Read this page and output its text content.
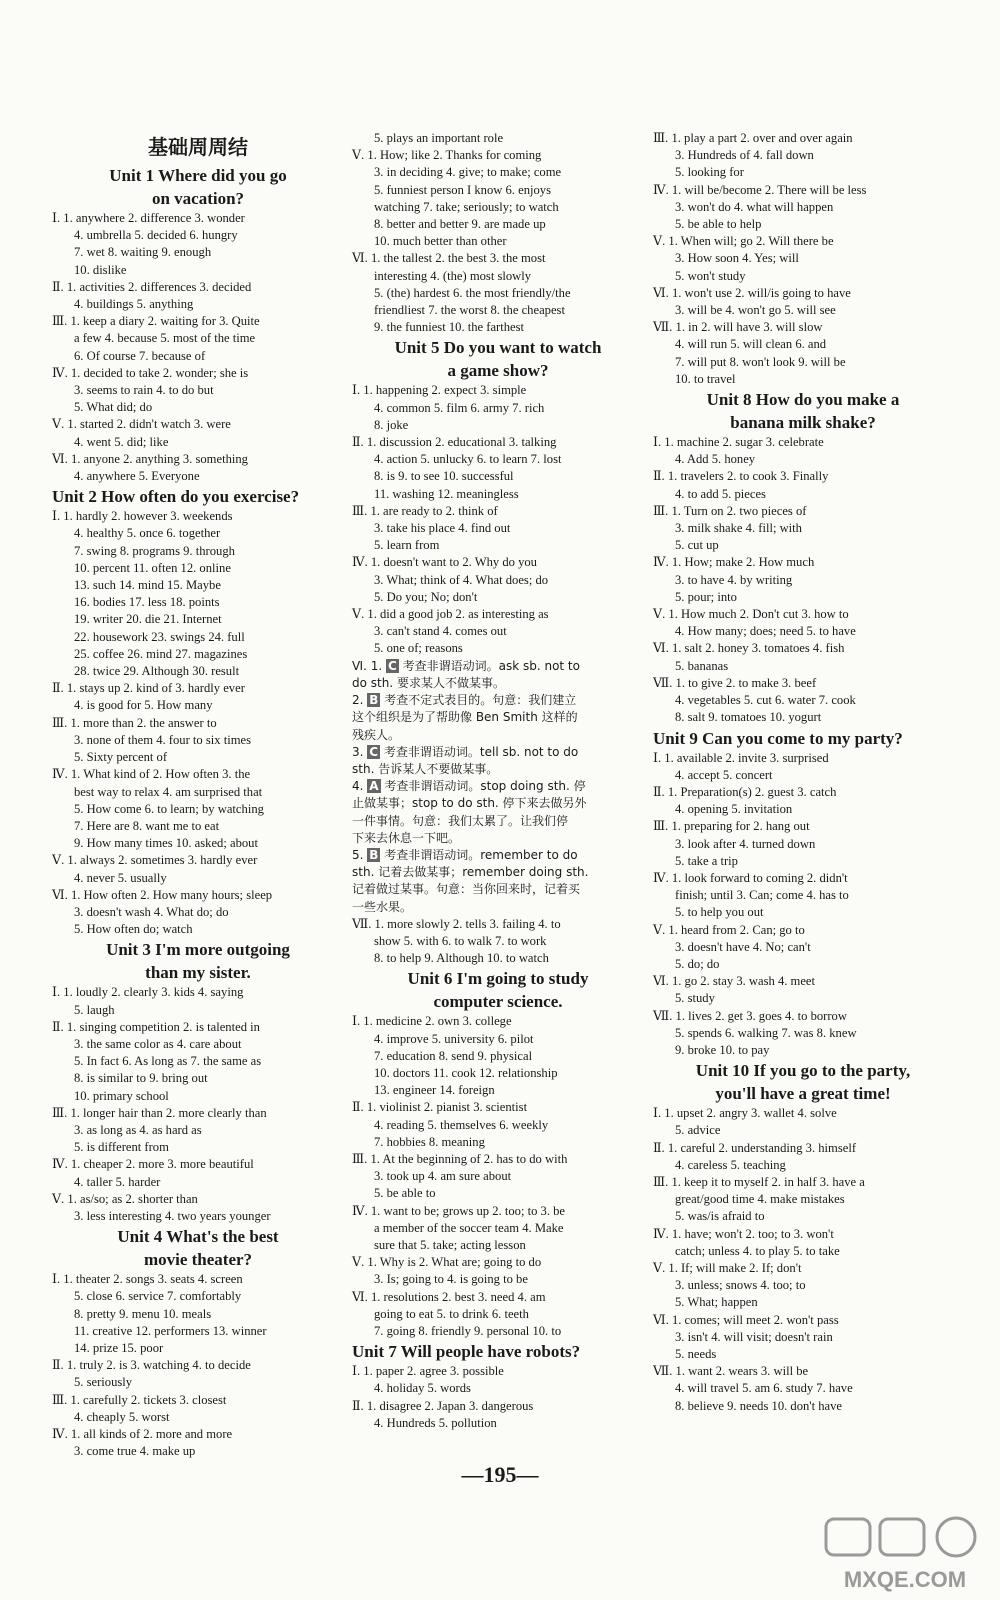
基础周周结
Unit 1 Where did you go
on vacation?
Ⅰ. 1. anywhere 2. difference 3. wonder
4. umbrella 5. decided 6. hungry
7. wet 8. waiting 9. enough
10. dislike
Ⅱ. 1. activities 2. differences 3. decided
4. buildings 5. anything
Ⅲ. 1. keep a diary 2. waiting for 3. Quite
a few 4. because 5. most of the time
6. Of course 7. because of
Ⅳ. 1. decided to take 2. wonder; she is
3. seems to rain 4. to do but
5. What did; do
Ⅴ. 1. started 2. didn't watch 3. were
4. went 5. did; like
Ⅵ. 1. anyone 2. anything 3. something
4. anywhere 5. Everyone
Unit 2 How often do you exercise?
Ⅰ. 1. hardly 2. however 3. weekends
4. healthy 5. once 6. together
7. swing 8. programs 9. through
10. percent 11. often 12. online
13. such 14. mind 15. Maybe
16. bodies 17. less 18. points
19. writer 20. die 21. Internet
22. housework 23. swings 24. full
25. coffee 26. mind 27. magazines
28. twice 29. Although 30. result
Ⅱ. 1. stays up 2. kind of 3. hardly ever
4. is good for 5. How many
Ⅲ. 1. more than 2. the answer to
3. none of them 4. four to six times
5. Sixty percent of
Ⅳ. 1. What kind of 2. How often 3. the
best way to relax 4. am surprised that
5. How come 6. to learn; by watching
7. Here are 8. want me to eat
9. How many times 10. asked; about
Ⅴ. 1. always 2. sometimes 3. hardly ever
4. never 5. usually
Ⅵ. 1. How often 2. How many hours; sleep
3. doesn't wash 4. What do; do
5. How often do; watch
Unit 3 I'm more outgoing
than my sister.
Ⅰ. 1. loudly 2. clearly 3. kids 4. saying
5. laugh
Ⅱ. 1. singing competition 2. is talented in
3. the same color as 4. care about
5. In fact 6. As long as 7. the same as
8. is similar to 9. bring out
10. primary school
Ⅲ. 1. longer hair than 2. more clearly than
3. as long as 4. as hard as
5. is different from
Ⅳ. 1. cheaper 2. more 3. more beautiful
4. taller 5. harder
Ⅴ. 1. as/so; as 2. shorter than
3. less interesting 4. two years younger
Unit 4 What's the best
movie theater?
Ⅰ. 1. theater 2. songs 3. seats 4. screen
5. close 6. service 7. comfortably
8. pretty 9. menu 10. meals
11. creative 12. performers 13. winner
14. prize 15. poor
Ⅱ. 1. truly 2. is 3. watching 4. to decide
5. seriously
Ⅲ. 1. carefully 2. tickets 3. closest
4. cheaply 5. worst
Ⅳ. 1. all kinds of 2. more and more
3. come true 4. make up
5. plays an important role
Ⅴ. 1. How; like 2. Thanks for coming
3. in deciding 4. give; to make; come
5. funniest person I know 6. enjoys
watching 7. take; seriously; to watch
8. better and better 9. are made up
10. much better than other
Ⅵ. 1. the tallest 2. the best 3. the most
interesting 4. (the) most slowly
5. (the) hardest 6. the most friendly/the
friendliest 7. the worst 8. the cheapest
9. the funniest 10. the farthest
Unit 5 Do you want to watch
a game show?
Ⅰ. 1. happening 2. expect 3. simple
4. common 5. film 6. army 7. rich
8. joke
Ⅱ. 1. discussion 2. educational 3. talking
4. action 5. unlucky 6. to learn 7. lost
8. is 9. to see 10. successful
11. washing 12. meaningless
Ⅲ. 1. are ready to 2. think of
3. take his place 4. find out
5. learn from
Ⅳ. 1. doesn't want to 2. Why do you
3. What; think of 4. What does; do
5. Do you; No; don't
Ⅴ. 1. did a good job 2. as interesting as
3. can't stand 4. comes out
5. one of; reasons
Ⅵ. 1. C 考查非谓语动词。ask sb. not to
do sth. 要求某人不做某事。
2. B 考查不定式表目的。句意：我们建立
这个组织是为了帮助像 Ben Smith 这样的
残疾人。
3. C 考查非谓语动词。tell sb. not to do
sth. 告诉某人不要做某事。
4. A 考查非谓语动词。stop doing sth. 停
止做某事；stop to do sth. 停下来去做另外
一件事情。句意：我们太累了。让我们停
下来去休息一下吧。
5. B 考查非谓语动词。remember to do
sth. 记着去做某事；remember doing sth.
记着做过某事。句意：当你回来时，记着买
一些水果。
Ⅶ. 1. more slowly 2. tells 3. failing 4. to
show 5. with 6. to walk 7. to work
8. to help 9. Although 10. to watch
Unit 6 I'm going to study
computer science.
Ⅰ. 1. medicine 2. own 3. college
4. improve 5. university 6. pilot
7. education 8. send 9. physical
10. doctors 11. cook 12. relationship
13. engineer 14. foreign
Ⅱ. 1. violinist 2. pianist 3. scientist
4. reading 5. themselves 6. weekly
7. hobbies 8. meaning
Ⅲ. 1. At the beginning of 2. has to do with
3. took up 4. am sure about
5. be able to
Ⅳ. 1. want to be; grows up 2. too; to 3. be
a member of the soccer team 4. Make
sure that 5. take; acting lesson
Ⅴ. 1. Why is 2. What are; going to do
3. Is; going to 4. is going to be
Ⅵ. 1. resolutions 2. best 3. need 4. am
going to eat 5. to drink 6. teeth
7. going 8. friendly 9. personal 10. to
Unit 7 Will people have robots?
Ⅰ. 1. paper 2. agree 3. possible
4. holiday 5. words
Ⅱ. 1. disagree 2. Japan 3. dangerous
4. Hundreds 5. pollution
Ⅲ. 1. play a part 2. over and over again
3. Hundreds of 4. fall down
5. looking for
Ⅳ. 1. will be/become 2. There will be less
3. won't do 4. what will happen
5. be able to help
Ⅴ. 1. When will; go 2. Will there be
3. How soon 4. Yes; will
5. won't study
Ⅵ. 1. won't use 2. will/is going to have
3. will be 4. won't go 5. will see
Ⅶ. 1. in 2. will have 3. will slow
4. will run 5. will clean 6. and
7. will put 8. won't look 9. will be
10. to travel
Unit 8 How do you make a
banana milk shake?
Ⅰ. 1. machine 2. sugar 3. celebrate
4. Add 5. honey
Ⅱ. 1. travelers 2. to cook 3. Finally
4. to add 5. pieces
Ⅲ. 1. Turn on 2. two pieces of
3. milk shake 4. fill; with
5. cut up
Ⅳ. 1. How; make 2. How much
3. to have 4. by writing
5. pour; into
Ⅴ. 1. How much 2. Don't cut 3. how to
4. How many; does; need 5. to have
Ⅵ. 1. salt 2. honey 3. tomatoes 4. fish
5. bananas
Ⅶ. 1. to give 2. to make 3. beef
4. vegetables 5. cut 6. water 7. cook
8. salt 9. tomatoes 10. yogurt
Unit 9 Can you come to my party?
Ⅰ. 1. available 2. invite 3. surprised
4. accept 5. concert
Ⅱ. 1. Preparation(s) 2. guest 3. catch
4. opening 5. invitation
Ⅲ. 1. preparing for 2. hang out
3. look after 4. turned down
5. take a trip
Ⅳ. 1. look forward to coming 2. didn't
finish; until 3. Can; come 4. has to
5. to help you out
Ⅴ. 1. heard from 2. Can; go to
3. doesn't have 4. No; can't
5. do; do
Ⅵ. 1. go 2. stay 3. wash 4. meet
5. study
Ⅶ. 1. lives 2. get 3. goes 4. to borrow
5. spends 6. walking 7. was 8. knew
9. broke 10. to pay
Unit 10 If you go to the party,
you'll have a great time!
Ⅰ. 1. upset 2. angry 3. wallet 4. solve
5. advice
Ⅱ. 1. careful 2. understanding 3. himself
4. careless 5. teaching
Ⅲ. 1. keep it to myself 2. in half 3. have a
great/good time 4. make mistakes
5. was/is afraid to
Ⅳ. 1. have; won't 2. too; to 3. won't
catch; unless 4. to play 5. to take
Ⅴ. 1. If; will make 2. If; don't
3. unless; snows 4. too; to
5. What; happen
Ⅵ. 1. comes; will meet 2. won't pass
3. isn't 4. will visit; doesn't rain
5. needs
Ⅶ. 1. want 2. wears 3. will be
4. will travel 5. am 6. study 7. have
8. believe 9. needs 10. don't have
—195—
MXQE.COM
